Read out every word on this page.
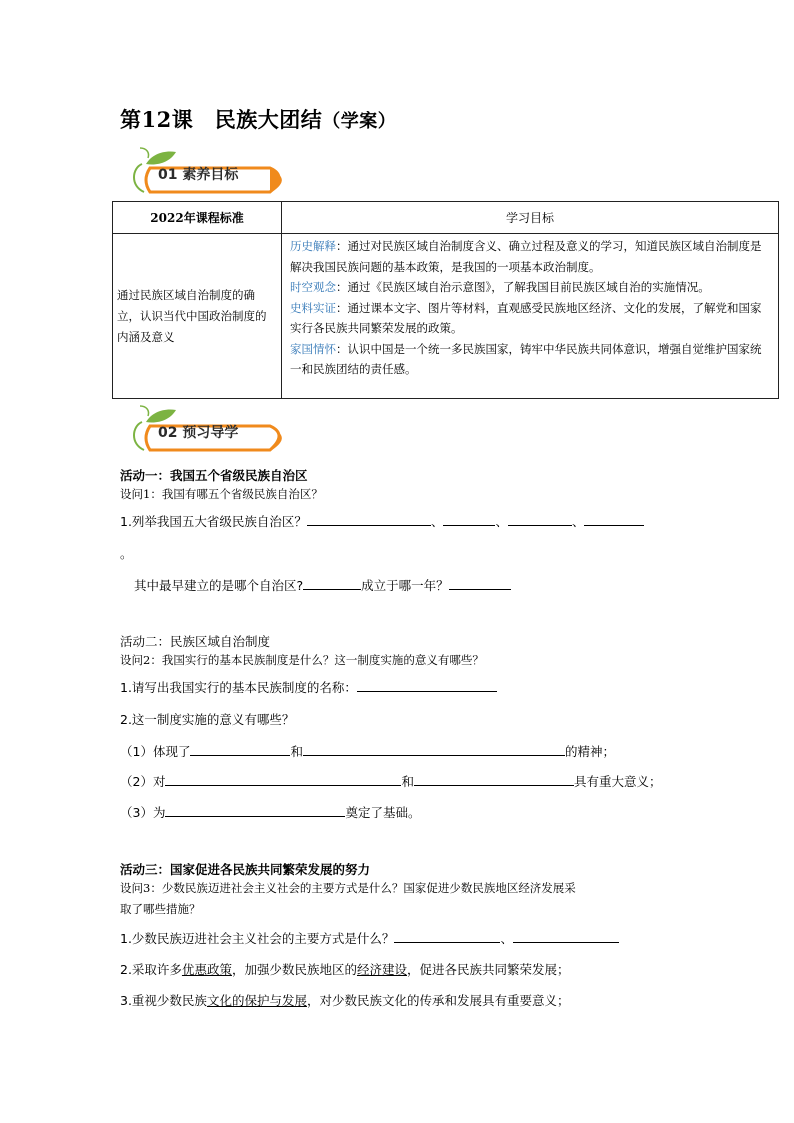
第12课　民族大团结（学案）
01 素养目标
2022年课程标准	学习目标
通过民族区域自治制度的确立，认识当代中国政治制度的内涵及意义	历史解释：通过对民族区域自治制度含义、确立过程及意义的学习，知道民族区域自治制度是解决我国民族问题的基本政策，是我国的一项基本政治制度。
时空观念：通过《民族区域自治示意图》，了解我国目前民族区域自治的实施情况。
史料实证：通过课本文字、图片等材料，直观感受民族地区经济、文化的发展，了解党和国家实行各民族共同繁荣发展的政策。
家国情怀：认识中国是一个统一多民族国家，铸牢中华民族共同体意识，增强自觉维护国家统一和民族团结的责任感。
02 预习导学
活动一：我国五个省级民族自治区
设问1：我国有哪五个省级民族自治区？
1.列举我国五大省级民族自治区？	、	、	、
。
其中最早建立的是哪个自治区?	成立于哪一年？
活动二：民族区域自治制度
设问2：我国实行的基本民族制度是什么？这一制度实施的意义有哪些？
1.请写出我国实行的基本民族制度的名称：
2.这一制度实施的意义有哪些？
（1）体现了	和	的精神；
（2）对	和	具有重大意义；
（3）为	奠定了基础。
活动三：国家促进各民族共同繁荣发展的努力
设问3：少数民族迈进社会主义社会的主要方式是什么？国家促进少数民族地区经济发展采
取了哪些措施？
1.少数民族迈进社会主义社会的主要方式是什么？	、
2.采取许多优惠政策，加强少数民族地区的经济建设，促进各民族共同繁荣发展；
3.重视少数民族文化的保护与发展，对少数民族文化的传承和发展具有重要意义；
